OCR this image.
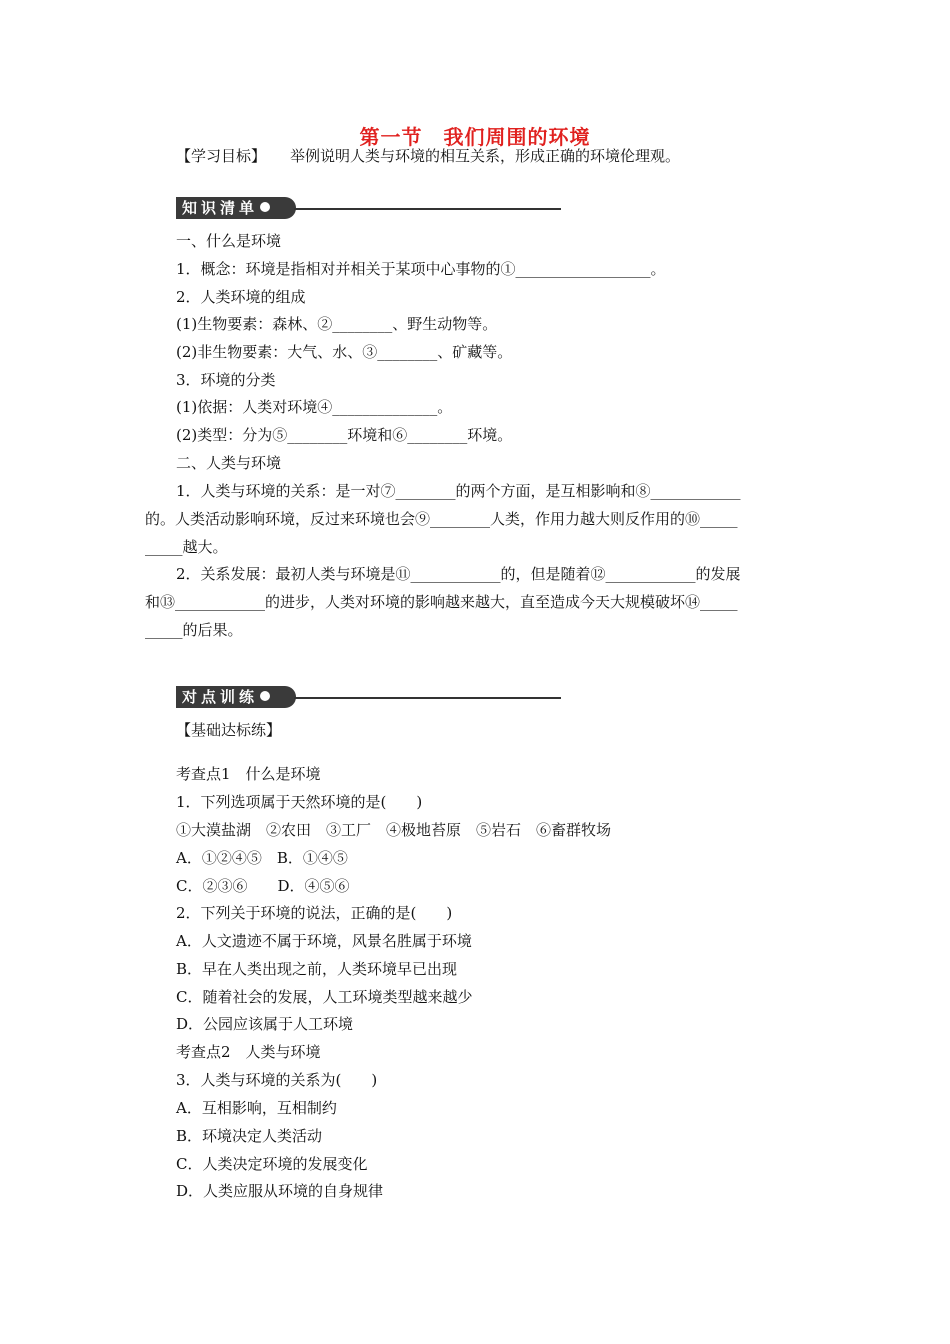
第一节　我们周围的环境
【学习目标】 举例说明人类与环境的相互关系，形成正确的环境伦理观。
知识清单
一、什么是环境
1．概念：环境是指相对并相关于某项中心事物的①__________________。
2．人类环境的组成
(1)生物要素：森林、②________、野生动物等。
(2)非生物要素：大气、水、③________、矿藏等。
3．环境的分类
(1)依据：人类对环境④______________。
(2)类型：分为⑤________环境和⑥________环境。
二、人类与环境
1．人类与环境的关系：是一对⑦________的两个方面，是互相影响和⑧____________
的。人类活动影响环境，反过来环境也会⑨________人类，作用力越大则反作用的⑩_____
_____越大。
2．关系发展：最初人类与环境是⑪____________的，但是随着⑫____________的发展
和⑬____________的进步，人类对环境的影响越来越大，直至造成今天大规模破坏⑭_____
_____的后果。
对点训练
【基础达标练】
考查点1　什么是环境
1．下列选项属于天然环境的是(　　)
①大漠盐湖　②农田　③工厂　④极地苔原　⑤岩石　⑥畜群牧场
A．①②④⑤　B．①④⑤
C．②③⑥　　D．④⑤⑥
2．下列关于环境的说法，正确的是(　　)
A．人文遗迹不属于环境，风景名胜属于环境
B．早在人类出现之前，人类环境早已出现
C．随着社会的发展，人工环境类型越来越少
D．公园应该属于人工环境
考查点2　人类与环境
3．人类与环境的关系为(　　)
A．互相影响，互相制约
B．环境决定人类活动
C．人类决定环境的发展变化
D．人类应服从环境的自身规律
